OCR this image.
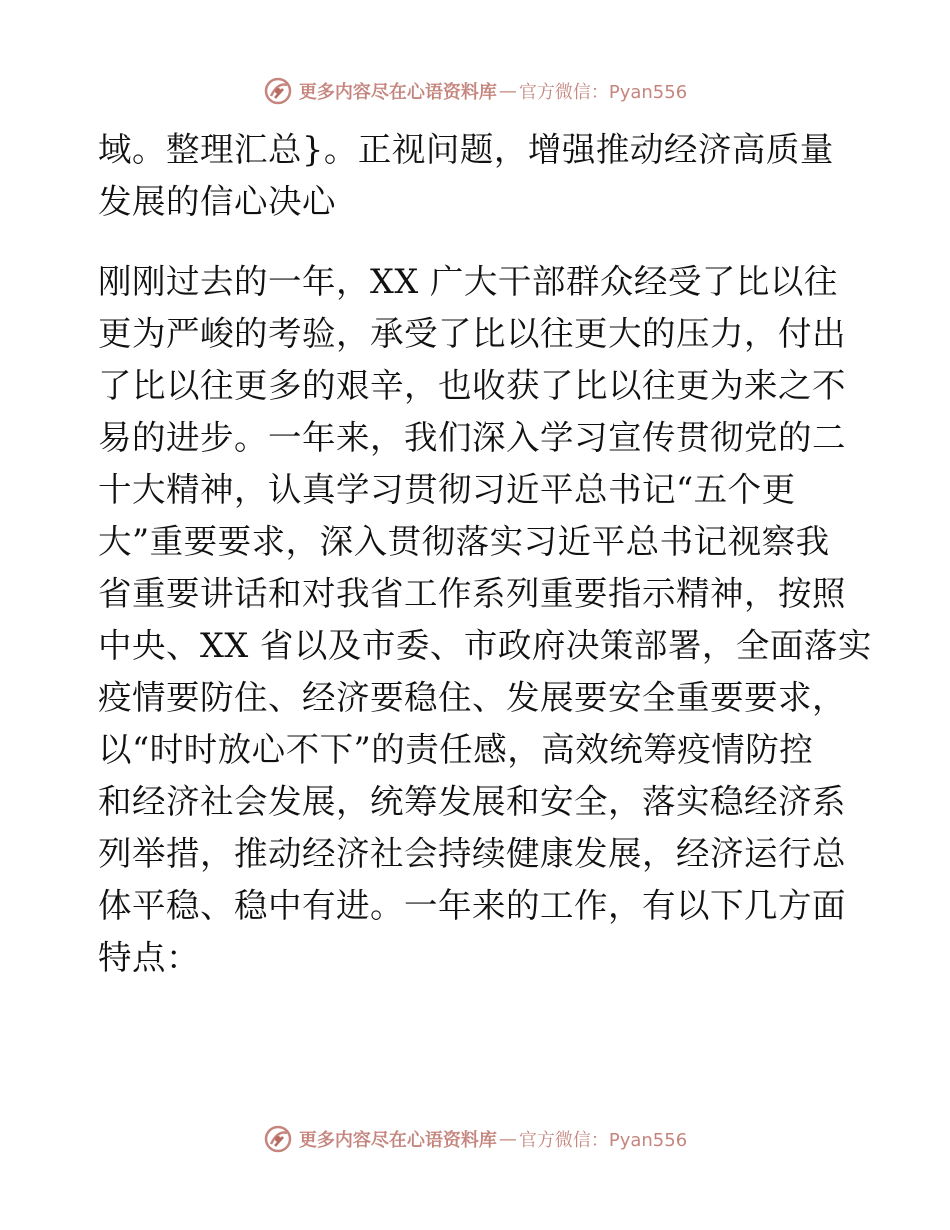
更多内容尽在心语资料库 — 官方微信：Pyan556
域。整理汇总}。正视问题，增强推动经济高质量
发展的信心决心
刚刚过去的一年，XX 广大干部群众经受了比以往
更为严峻的考验，承受了比以往更大的压力，付出
了比以往更多的艰辛，也收获了比以往更为来之不
易的进步。一年来，我们深入学习宣传贯彻党的二
十大精神，认真学习贯彻习近平总书记“五个更
大”重要要求，深入贯彻落实习近平总书记视察我
省重要讲话和对我省工作系列重要指示精神，按照
中央、XX 省以及市委、市政府决策部署，全面落实
疫情要防住、经济要稳住、发展要安全重要要求，
以“时时放心不下”的责任感，高效统筹疫情防控
和经济社会发展，统筹发展和安全，落实稳经济系
列举措，推动经济社会持续健康发展，经济运行总
体平稳、稳中有进。一年来的工作，有以下几方面
特点：
更多内容尽在心语资料库 — 官方微信：Pyan556
